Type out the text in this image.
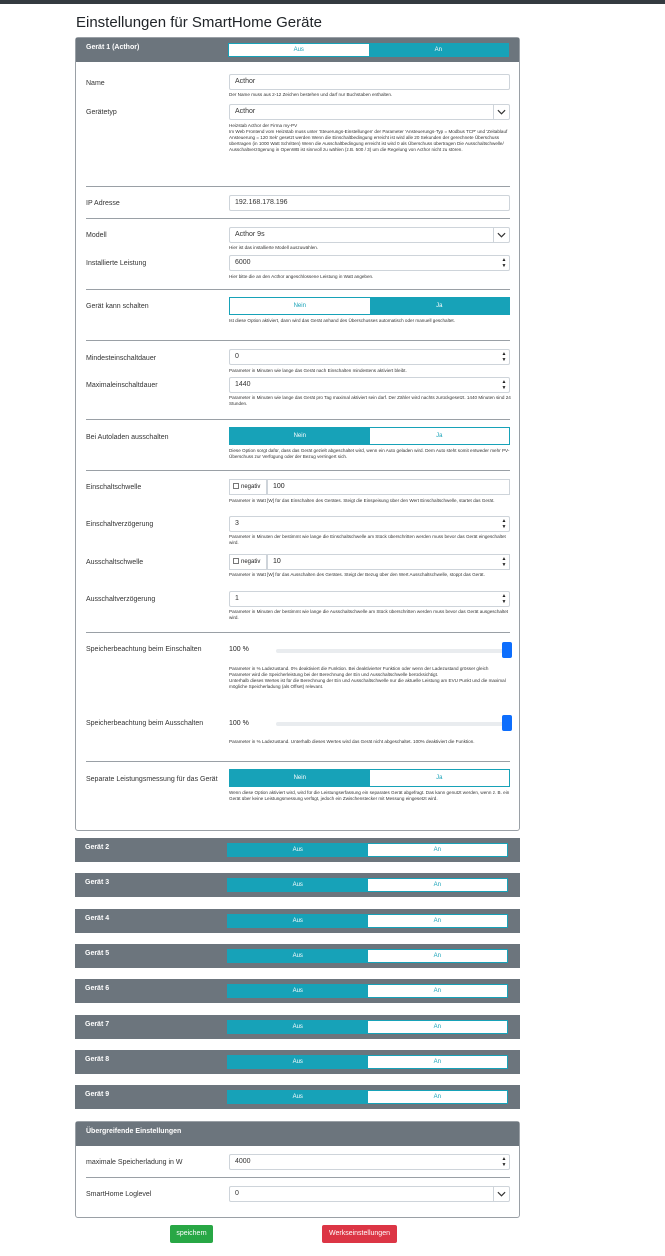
Einstellungen für SmartHome Geräte
Gerät 1 (Acthor)	Aus	An
Name	Acthor
Der Name muss aus 2-12 Zeichen bestehen und darf nur Buchstaben enthalten.
Gerätetyp	Acthor
Heizstab Acthor der Firma my-PV
Im Web Frontend vom Heizstab muss unter 'Steuerungs-Einstellungen' der Parameter 'Ansteuerungs-Typ = Modbus TCP' und 'Zeitablauf Ansteuerung = 120 Sek' gesetzt werden Wenn die Einschaltbedingung erreicht ist wird alle 20 Sekunden der gerechnete Überschuss übertragen (in 1000 Watt Schritten) Wenn die Ausschaltbedingung erreicht ist wird 0 als Überschuss übertragen Die Ausschaltschwelle/ Ausschaltverzögerung in OpenWB ist sinnvoll zu wählen (z.B. 500 / 3) um die Regelung von Acthor nicht zu stören.
IP Adresse	192.168.178.196
Modell	Acthor 9s
Hier ist das installierte Modell auszuwählen.
Installierte Leistung	6000	▲
▼
Hier bitte die an den Acthor angeschlossene Leistung in Watt angeben.
Gerät kann schalten	Nein	Ja
Ist diese Option aktiviert, dann wird das Gerät anhand des Überschusses automatisch oder manuell geschaltet.
Mindesteinschaltdauer	0	▲
▼
Parameter in Minuten wie lange das Gerät nach Einschalten mindestens aktiviert bleibt.
Maximaleinschaltdauer	1440	▲
▼
Parameter in Minuten wie lange das Gerät pro Tag maximal aktiviert sein darf. Der Zähler wird nachts zurückgesetzt. 1440 Minuten sind 24 Stunden.
Bei Autoladen ausschalten	Nein	Ja
Diese Option sorgt dafür, dass das Gerät gezielt abgeschaltet wird, wenn ein Auto geladen wird. Dem Auto steht somit entweder mehr PV-Überschuss zur Verfügung oder der Bezug verringert sich.
Einschaltschwelle	negativ	100
Parameter in Watt [W] für das Einschalten des Gerätes. Steigt die Einspeisung über den Wert Einschaltschwelle, startet das Gerät.
Einschaltverzögerung	3	▲
▼
Parameter in Minuten der bestimmt wie lange die Einschaltschwelle am Stück überschritten werden muss bevor das Gerät eingeschaltet wird.
Ausschaltschwelle	negativ	10	▲
▼
Parameter in Watt [W] für das Ausschalten des Gerätes. Steigt der Bezug über den Wert Ausschaltschwelle, stoppt das Gerät.
Ausschaltverzögerung	1	▲
▼
Parameter in Minuten der bestimmt wie lange die Ausschaltschwelle am Stück überschritten werden muss bevor das Gerät ausgeschaltet wird.
Speicherbeachtung beim Einschalten	100 %
Parameter in % Ladezustand. 0% deaktiviert die Funktion. Bei deaktivierter Funktion oder wenn der Ladezustand grösser gleich Parameter wird die Speicherleistung bei der Berechnung der Ein und Ausschaltschwelle berücksichtigt.
Unterhalb dieses Wertes ist für die Berechnung der Ein und Ausschaltschwelle nur die aktuelle Leistung am EVU Punkt und die maximal mögliche Speicherladung (als Offset) relevant.
Speicherbeachtung beim Ausschalten	100 %
Parameter in % Ladezustand. Unterhalb dieses Wertes wird das Gerät nicht abgeschaltet. 100% deaktiviert die Funktion.
Separate Leistungsmessung für das Gerät	Nein	Ja
Wenn diese Option aktiviert wird, wird für die Leistungserfassung ein separates Gerät abgefragt. Das kann genutzt werden, wenn z. B. ein Gerät über keine Leistungsmessung verfügt, jedoch ein Zwischenstecker mit Messung eingesetzt wird.
Gerät 2	Aus	An
Gerät 3	Aus	An
Gerät 4	Aus	An
Gerät 5	Aus	An
Gerät 6	Aus	An
Gerät 7	Aus	An
Gerät 8	Aus	An
Gerät 9	Aus	An
Übergreifende Einstellungen
maximale Speicherladung in W	4000	▲
▼
SmartHome Loglevel	0
speichern	Werkseinstellungen
